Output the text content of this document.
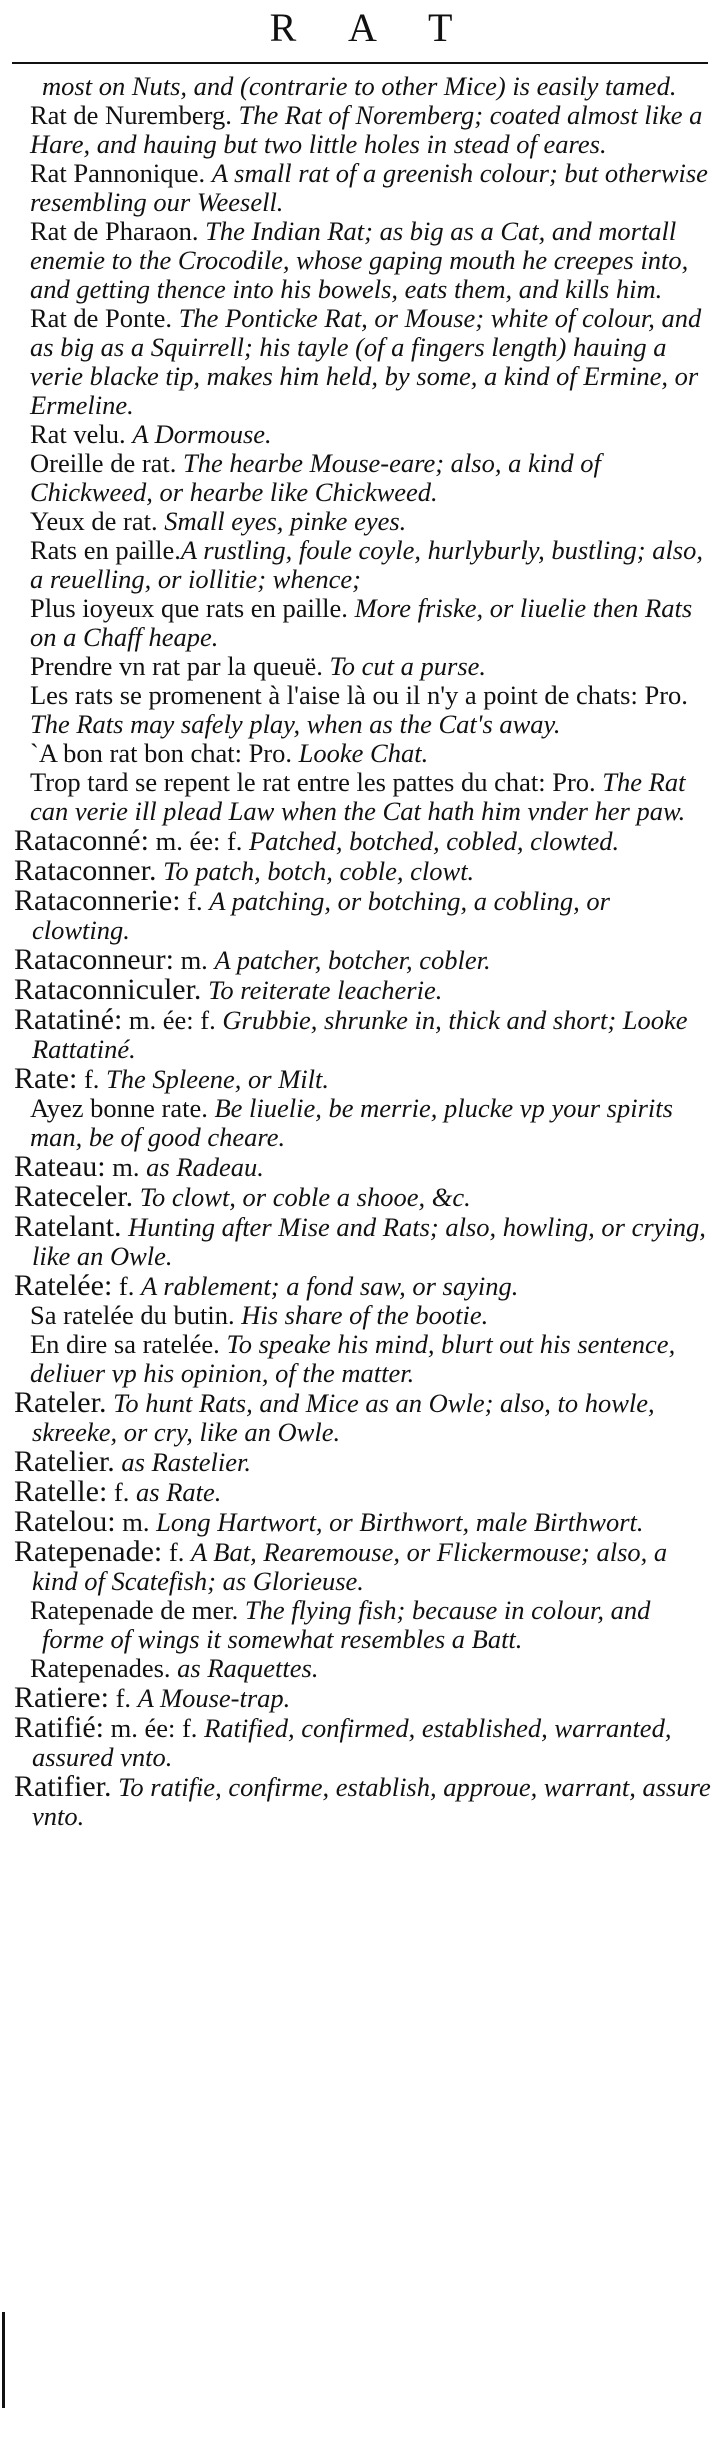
R A T

most on Nuts, and (contrarie to other Mice) is easily tamed.

Rat de Nuremberg. The Rat of Noremberg; coated almost like a Hare, and hauing but two little holes in stead of eares.

Rat Pannonique. A small rat of a greenish colour; but otherwise resembling our Weesell.

Rat de Pharaon. The Indian Rat; as big as a Cat, and mortall enemie to the Crocodile, whose gaping mouth he creepes into, and getting thence into his bowels, eats them, and kills him.

Rat de Ponte. The Ponticke Rat, or Mouse; white of colour, and as big as a Squirrell; his tayle (of a fingers length) hauing a verie blacke tip, makes him held, by some, a kind of Ermine, or Ermeline.

Rat velu. A Dormouse.

Oreille de rat. The hearbe Mouse-eare; also, a kind of Chickweed, or hearbe like Chickweed.

Yeux de rat. Small eyes, pinke eyes.

Rats en paille.A rustling, foule coyle, hurlyburly, bustling; also, a reuelling, or iollitie; whence;

Plus ioyeux que rats en paille. More friske, or liuelie then Rats on a Chaff heape.

Prendre vn rat par la queuë. To cut a purse.

Les rats se promenent à l'aise là ou il n'y a point de chats: Pro. The Rats may safely play, when as the Cat's away.

`A bon rat bon chat: Pro. Looke Chat.

Trop tard se repent le rat entre les pattes du chat: Pro. The Rat can verie ill plead Law when the Cat hath him vnder her paw.

Rataconné: m. ée: f. Patched, botched, cobled, clowted.

Rataconner. To patch, botch, coble, clowt.

Rataconnerie: f. A patching, or botching, a cobling, or clowting.

Rataconneur: m. A patcher, botcher, cobler.

Rataconniculer. To reiterate leacherie.

Ratatiné: m. ée: f. Grubbie, shrunke in, thick and short; Looke Rattatiné.

Rate: f. The Spleene, or Milt.

Ayez bonne rate. Be liuelie, be merrie, plucke vp your spirits man, be of good cheare.

Rateau: m. as Radeau.

Rateceler. To clowt, or coble a shooe, &c.

Ratelant. Hunting after Mise and Rats; also, howling, or crying, like an Owle.

Ratelée: f. A rablement; a fond saw, or saying.

Sa ratelée du butin. His share of the bootie.

En dire sa ratelée. To speake his mind, blurt out his sentence, deliuer vp his opinion, of the matter.

Rateler. To hunt Rats, and Mice as an Owle; also, to howle, skreeke, or cry, like an Owle.

Ratelier. as Rastelier.

Ratelle: f. as Rate.

Ratelou: m. Long Hartwort, or Birthwort, male Birthwort.

Ratepenade: f. A Bat, Rearemouse, or Flickermouse; also, a kind of Scatefish; as Glorieuse.

Ratepenade de mer. The flying fish; because in colour, and forme of wings it somewhat resembles a Batt.

Ratepenades. as Raquettes.

Ratiere: f. A Mouse-trap.

Ratifié: m. ée: f. Ratified, confirmed, established, warranted, assured vnto.

Ratifier. To ratifie, confirme, establish, approue, warrant, assure vnto.
